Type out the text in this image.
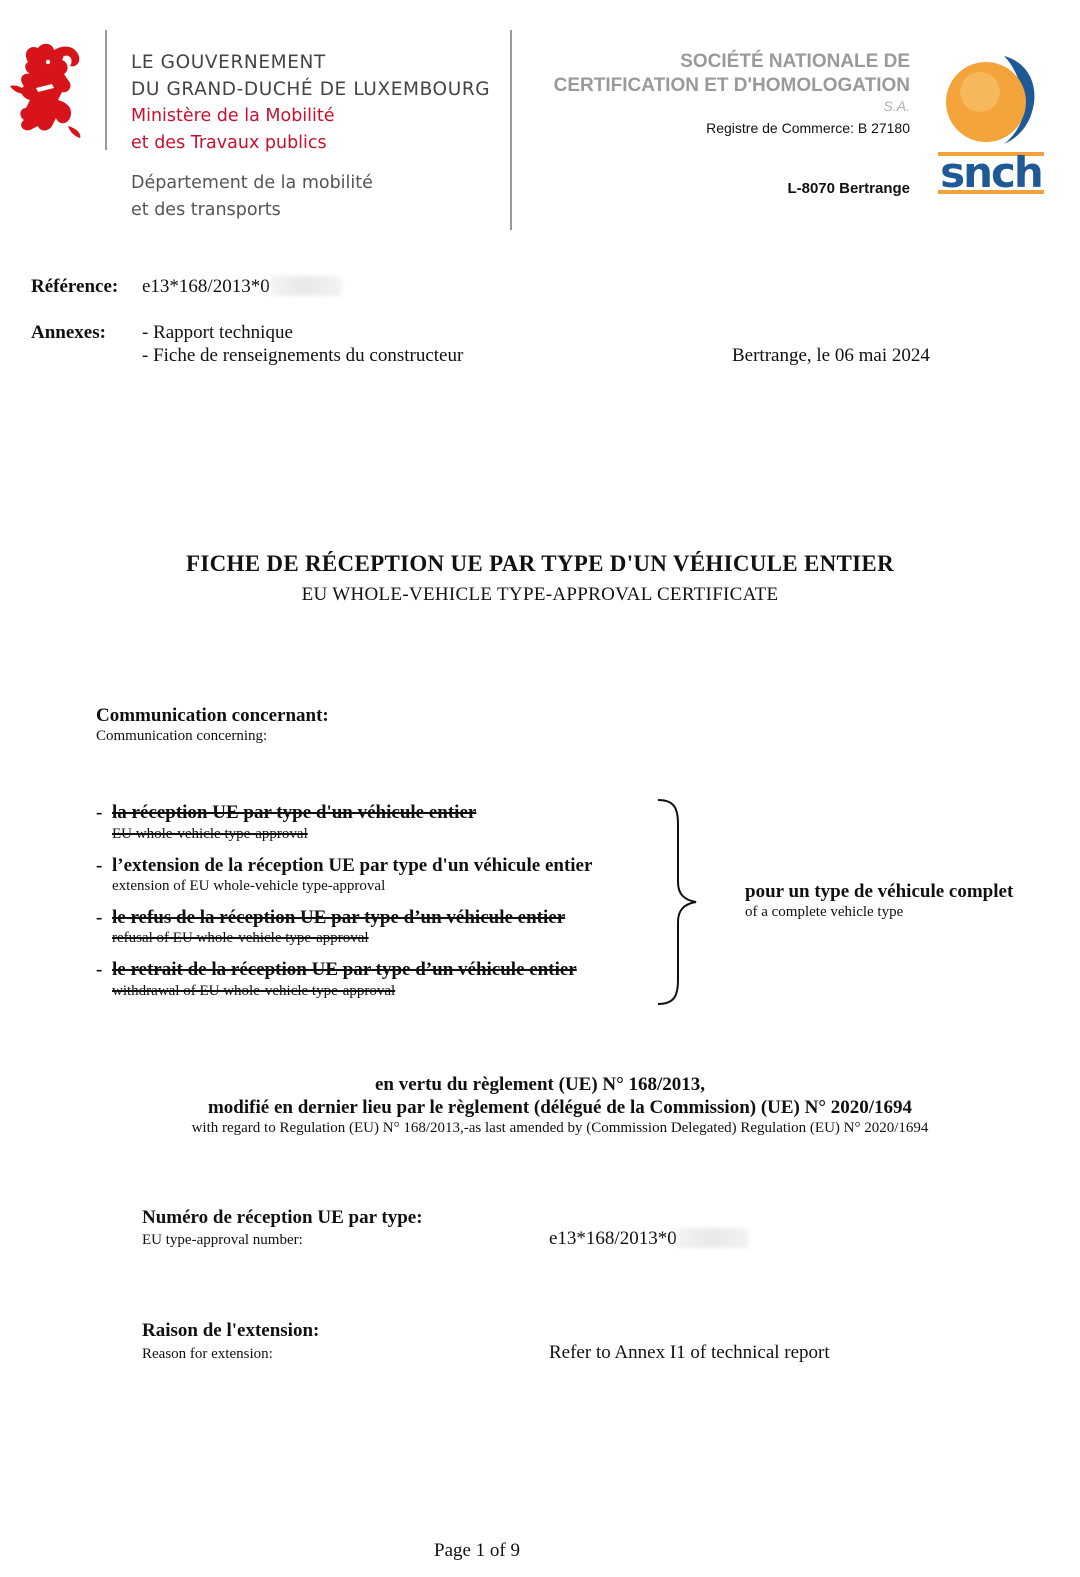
LE GOUVERNEMENT
DU GRAND-DUCHÉ DE LUXEMBOURG
Ministère de la Mobilité
et des Travaux publics
Département de la mobilité
et des transports
SOCIÉTÉ NATIONALE DE
CERTIFICATION ET D'HOMOLOGATION
S.A.
Registre de Commerce: B 27180
L-8070 Bertrange snch
Référence: e13*168/2013*0
Annexes: - Rapport technique
- Fiche de renseignements du constructeur	Bertrange, le 06 mai 2024
FICHE DE RÉCEPTION UE PAR TYPE D'UN VÉHICULE ENTIER
EU WHOLE-VEHICLE TYPE-APPROVAL CERTIFICATE
Communication concernant:
Communication concerning:
- la réception UE par type d'un véhicule entier
EU whole-vehicle type-approval
- l’extension de la réception UE par type d'un véhicule entier
extension of EU whole-vehicle type-approval
- le refus de la réception UE par type d’un véhicule entier
refusal of EU whole-vehicle type-approval
- le retrait de la réception UE par type d’un véhicule entier
withdrawal of EU whole-vehicle type-approval
pour un type de véhicule complet
of a complete vehicle type
en vertu du règlement (UE) N° 168/2013,
modifié en dernier lieu par le règlement (délégué de la Commission) (UE) N° 2020/1694
with regard to Regulation (EU) N° 168/2013,-as last amended by (Commission Delegated) Regulation (EU) N° 2020/1694
Numéro de réception UE par type:
EU type-approval number:	e13*168/2013*0
Raison de l'extension:
Reason for extension:	Refer to Annex I1 of technical report
Page 1 of 9
